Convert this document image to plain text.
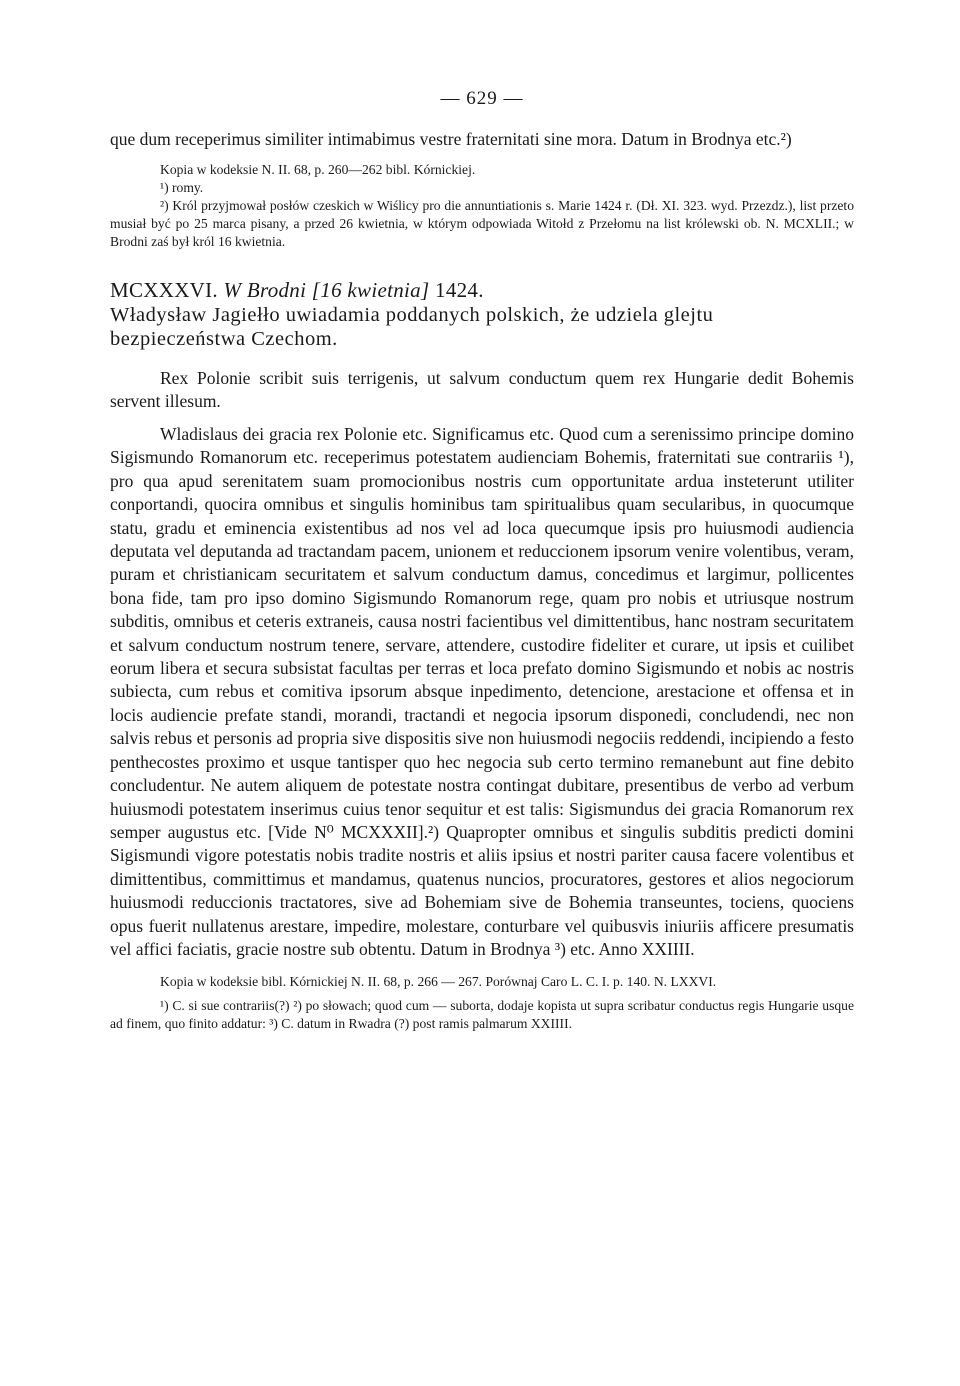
— 629 —

que dum receperimus similiter intimabimus vestre fraternitati sine mora. Datum in Brodnya etc.²)

Kopia w kodeksie N. II. 68, p. 260—262 bibl. Kórnickiej.

¹) romy.

²) Król przyjmował posłów czeskich w Wiślicy pro die annuntiationis s. Marie 1424 r. (Dł. XI. 323. wyd. Przezdz.), list przeto musiał być po 25 marca pisany, a przed 26 kwietnia, w którym odpowiada Witołd z Przełomu na list królewski ob. N. MCXLII.; w Brodni zaś był król 16 kwietnia.

MCXXXVI. W Brodni [16 kwietnia] 1424.
Władysław Jagiełło uwiadamia poddanych polskich, że udziela glejtu bezpieczeństwa Czechom.

Rex Polonie scribit suis terrigenis, ut salvum conductum quem rex Hungarie dedit Bohemis servent illesum.

Wladislaus dei gracia rex Polonie etc. Significamus etc. Quod cum a serenissimo principe domino Sigismundo Romanorum etc. receperimus potestatem audienciam Bohemis, fraternitati sue contrariis ¹), pro qua apud serenitatem suam promocionibus nostris cum opportunitate ardua insteterunt utiliter conportandi, quocira omnibus et singulis hominibus tam spiritualibus quam secularibus, in quocumque statu, gradu et eminencia existentibus ad nos vel ad loca quecumque ipsis pro huiusmodi audiencia deputata vel deputanda ad tractandam pacem, unionem et reduccionem ipsorum venire volentibus, veram, puram et christianicam securitatem et salvum conductum damus, concedimus et largimur, pollicentes bona fide, tam pro ipso domino Sigismundo Romanorum rege, quam pro nobis et utriusque nostrum subditis, omnibus et ceteris extraneis, causa nostri facientibus vel dimittentibus, hanc nostram securitatem et salvum conductum nostrum tenere, servare, attendere, custodire fideliter et curare, ut ipsis et cuilibet eorum libera et secura subsistat facultas per terras et loca prefato domino Sigismundo et nobis ac nostris subiecta, cum rebus et comitiva ipsorum absque inpedimento, detencione, arestacione et offensa et in locis audiencie prefate standi, morandi, tractandi et negocia ipsorum disponedi, concludendi, nec non salvis rebus et personis ad propria sive dispositis sive non huiusmodi negociis reddendi, incipiendo a festo penthecostes proximo et usque tantisper quo hec negocia sub certo termino remanebunt aut fine debito concludentur. Ne autem aliquem de potestate nostra contingat dubitare, presentibus de verbo ad verbum huiusmodi potestatem inserimus cuius tenor sequitur et est talis: Sigismundus dei gracia Romanorum rex semper augustus etc. [Vide N⁰ MCXXXII].²) Quapropter omnibus et singulis subditis predicti domini Sigismundi vigore potestatis nobis tradite nostris et aliis ipsius et nostri pariter causa facere volentibus et dimittentibus, committimus et mandamus, quatenus nuncios, procuratores, gestores et alios negociorum huiusmodi reduccionis tractatores, sive ad Bohemiam sive de Bohemia transeuntes, tociens, quociens opus fuerit nullatenus arestare, impedire, molestare, conturbare vel quibusvis iniuriis afficere presumatis vel affici faciatis, gracie nostre sub obtentu. Datum in Brodnya ³) etc. Anno XXIIII.

Kopia w kodeksie bibl. Kórnickiej N. II. 68, p. 266 — 267. Porównaj Caro L. C. I. p. 140. N. LXXVI.

¹) C. si sue contrariis(?) ²) po słowach; quod cum — suborta, dodaje kopista ut supra scribatur conductus regis Hungarie usque ad finem, quo finito addatur: ³) C. datum in Rwadra (?) post ramis palmarum XXIIII.
